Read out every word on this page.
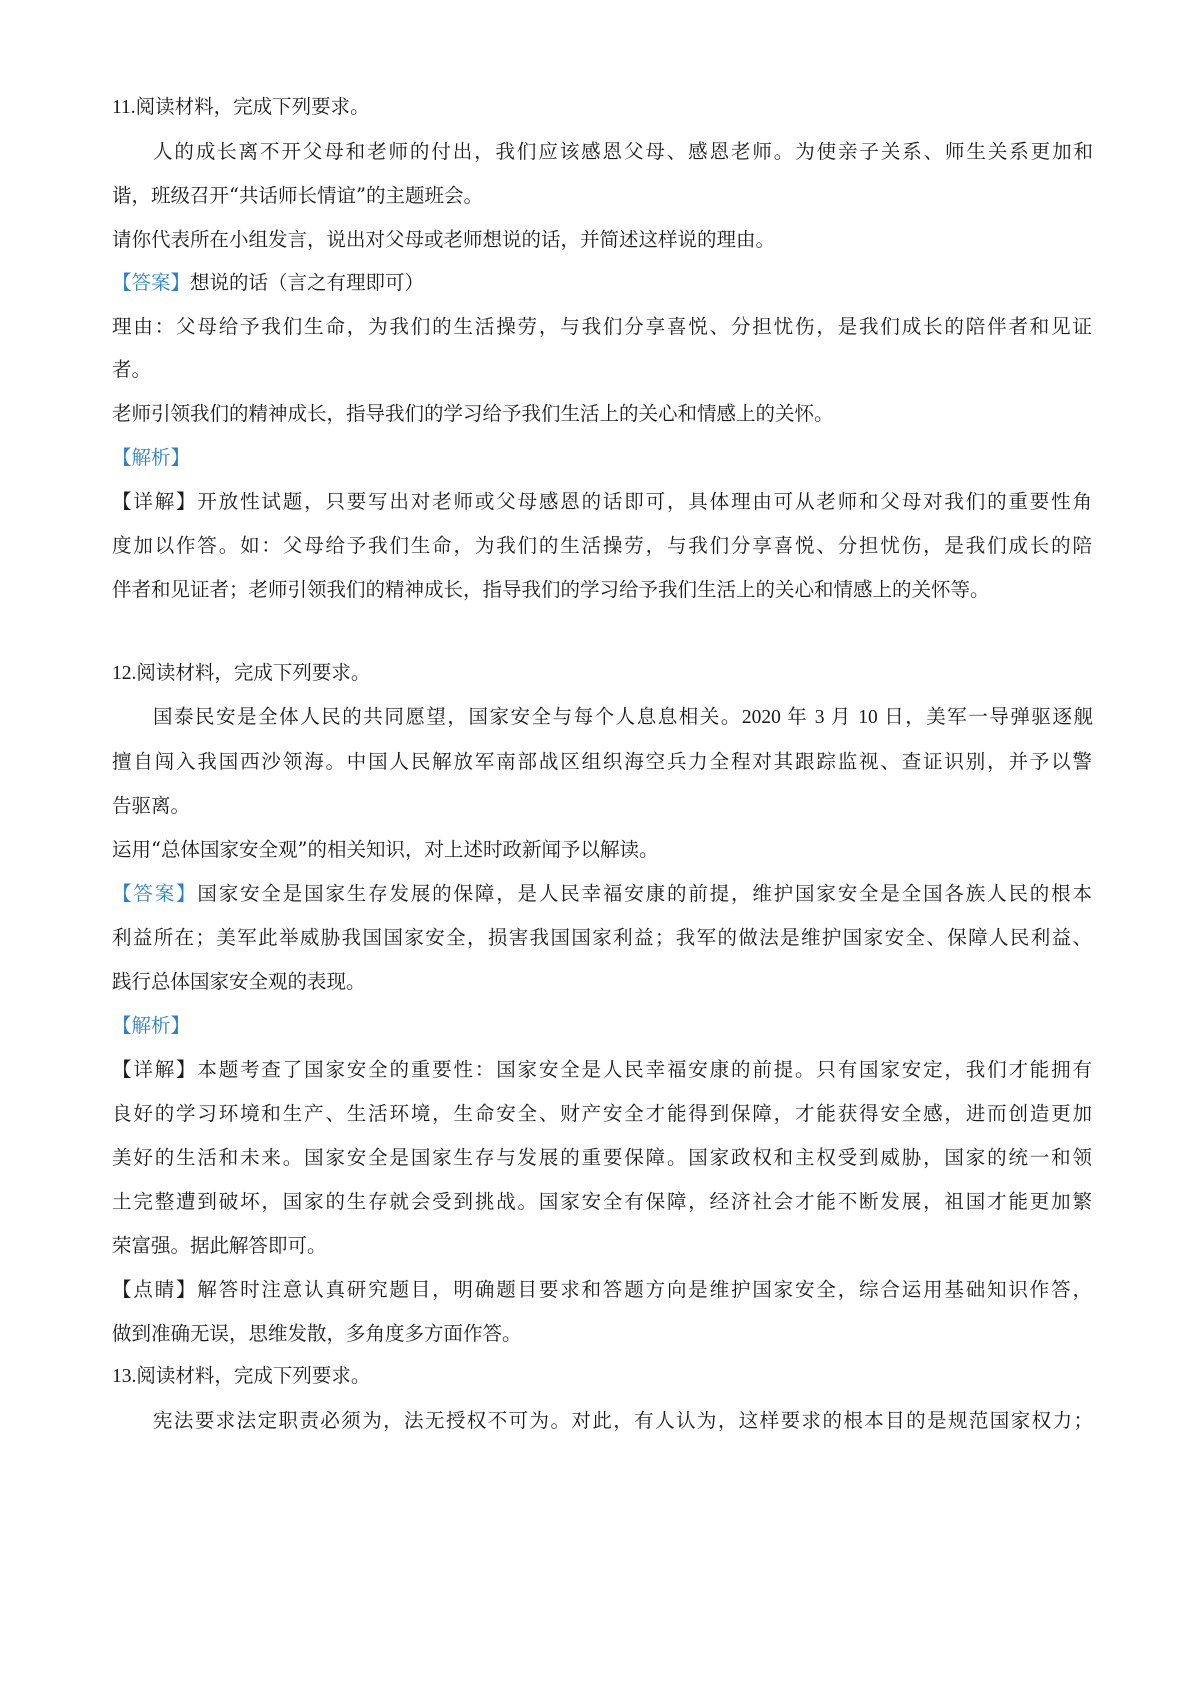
11.阅读材料，完成下列要求。
人的成长离不开父母和老师的付出，我们应该感恩父母、感恩老师。为使亲子关系、师生关系更加和
谐，班级召开“共话师长情谊”的主题班会。
请你代表所在小组发言，说出对父母或老师想说的话，并简述这样说的理由。
【答案】想说的话（言之有理即可）
理由：父母给予我们生命，为我们的生活操劳，与我们分享喜悦、分担忧伤，是我们成长的陪伴者和见证
者。
老师引领我们的精神成长，指导我们的学习给予我们生活上的关心和情感上的关怀。
【解析】
【详解】开放性试题，只要写出对老师或父母感恩的话即可，具体理由可从老师和父母对我们的重要性角
度加以作答。如：父母给予我们生命，为我们的生活操劳，与我们分享喜悦、分担忧伤，是我们成长的陪
伴者和见证者；老师引领我们的精神成长，指导我们的学习给予我们生活上的关心和情感上的关怀等。
12.阅读材料，完成下列要求。
国泰民安是全体人民的共同愿望，国家安全与每个人息息相关。2020 年 3 月 10 日，美军一导弹驱逐舰
擅自闯入我国西沙领海。中国人民解放军南部战区组织海空兵力全程对其跟踪监视、查证识别，并予以警
告驱离。
运用“总体国家安全观”的相关知识，对上述时政新闻予以解读。
【答案】国家安全是国家生存发展的保障，是人民幸福安康的前提，维护国家安全是全国各族人民的根本
利益所在；美军此举威胁我国国家安全，损害我国国家利益；我军的做法是维护国家安全、保障人民利益、
践行总体国家安全观的表现。
【解析】
【详解】本题考查了国家安全的重要性：国家安全是人民幸福安康的前提。只有国家安定，我们才能拥有
良好的学习环境和生产、生活环境，生命安全、财产安全才能得到保障，才能获得安全感，进而创造更加
美好的生活和未来。国家安全是国家生存与发展的重要保障。国家政权和主权受到威胁，国家的统一和领
土完整遭到破坏，国家的生存就会受到挑战。国家安全有保障，经济社会才能不断发展，祖国才能更加繁
荣富强。据此解答即可。
【点睛】解答时注意认真研究题目，明确题目要求和答题方向是维护国家安全，综合运用基础知识作答，
做到准确无误，思维发散，多角度多方面作答。
13.阅读材料，完成下列要求。
宪法要求法定职责必须为，法无授权不可为。对此，有人认为，这样要求的根本目的是规范国家权力；
